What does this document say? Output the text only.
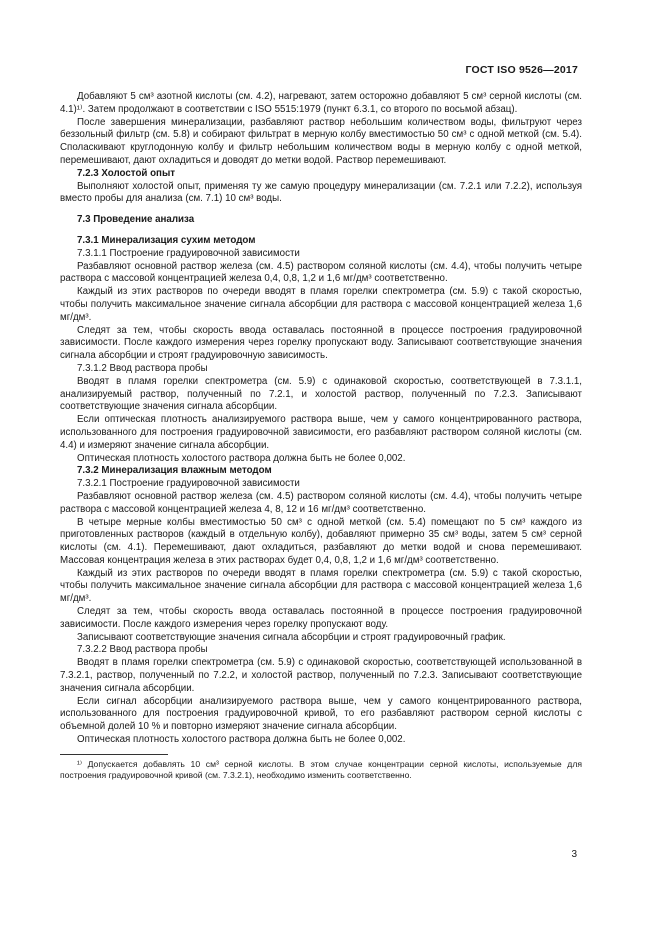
ГОСТ ISO 9526—2017

Добавляют 5 см³ азотной кислоты (см. 4.2), нагревают, затем осторожно добавляют 5 см³ серной кислоты (см. 4.1)¹⁾. Затем продолжают в соответствии с ISO 5515:1979 (пункт 6.3.1, со второго по восьмой абзац).

После завершения минерализации, разбавляют раствор небольшим количеством воды, фильтруют через беззольный фильтр (см. 5.8) и собирают фильтрат в мерную колбу вместимостью 50 см³ с одной меткой (см. 5.4). Споласкивают круглодонную колбу и фильтр небольшим количеством воды в мерную колбу с одной меткой, перемешивают, дают охладиться и доводят до метки водой. Раствор перемешивают.

7.2.3 Холостой опыт

Выполняют холостой опыт, применяя ту же самую процедуру минерализации (см. 7.2.1 или 7.2.2), используя вместо пробы для анализа (см. 7.1) 10 см³ воды.

7.3 Проведение анализа

7.3.1 Минерализация сухим методом

7.3.1.1 Построение градуировочной зависимости

Разбавляют основной раствор железа (см. 4.5) раствором соляной кислоты (см. 4.4), чтобы получить четыре раствора с массовой концентрацией железа 0,4, 0,8, 1,2 и 1,6 мг/дм³ соответственно.

Каждый из этих растворов по очереди вводят в пламя горелки спектрометра (см. 5.9) с такой скоростью, чтобы получить максимальное значение сигнала абсорбции для раствора с массовой концентрацией железа 1,6 мг/дм³.

Следят за тем, чтобы скорость ввода оставалась постоянной в процессе построения градуировочной зависимости. После каждого измерения через горелку пропускают воду. Записывают соответствующие значения сигнала абсорбции и строят градуировочную зависимость.

7.3.1.2 Ввод раствора пробы

Вводят в пламя горелки спектрометра (см. 5.9) с одинаковой скоростью, соответствующей в 7.3.1.1, анализируемый раствор, полученный по 7.2.1, и холостой раствор, полученный по 7.2.3. Записывают соответствующие значения сигнала абсорбции.

Если оптическая плотность анализируемого раствора выше, чем у самого концентрированного раствора, использованного для построения градуировочной зависимости, его разбавляют раствором соляной кислоты (см. 4.4) и измеряют значение сигнала абсорбции.

Оптическая плотность холостого раствора должна быть не более 0,002.

7.3.2 Минерализация влажным методом

7.3.2.1 Построение градуировочной зависимости

Разбавляют основной раствор железа (см. 4.5) раствором соляной кислоты (см. 4.4), чтобы получить четыре раствора с массовой концентрацией железа 4, 8, 12 и 16 мг/дм³ соответственно.

В четыре мерные колбы вместимостью 50 см³ с одной меткой (см. 5.4) помещают по 5 см³ каждого из приготовленных растворов (каждый в отдельную колбу), добавляют примерно 35 см³ воды, затем 5 см³ серной кислоты (см. 4.1). Перемешивают, дают охладиться, разбавляют до метки водой и снова перемешивают. Массовая концентрация железа в этих растворах будет 0,4, 0,8, 1,2 и 1,6 мг/дм³ соответственно.

Каждый из этих растворов по очереди вводят в пламя горелки спектрометра (см. 5.9) с такой скоростью, чтобы получить максимальное значение сигнала абсорбции для раствора с массовой концентрацией железа 1,6 мг/дм³.

Следят за тем, чтобы скорость ввода оставалась постоянной в процессе построения градуировочной зависимости. После каждого измерения через горелку пропускают воду.

Записывают соответствующие значения сигнала абсорбции и строят градуировочный график.

7.3.2.2 Ввод раствора пробы

Вводят в пламя горелки спектрометра (см. 5.9) с одинаковой скоростью, соответствующей использованной в 7.3.2.1, раствор, полученный по 7.2.2, и холостой раствор, полученный по 7.2.3. Записывают соответствующие значения сигнала абсорбции.

Если сигнал абсорбции анализируемого раствора выше, чем у самого концентрированного раствора, использованного для построения градуировочной кривой, то его разбавляют раствором серной кислоты с объемной долей 10 % и повторно измеряют значение сигнала абсорбции.

Оптическая плотность холостого раствора должна быть не более 0,002.

¹⁾ Допускается добавлять 10 см³ серной кислоты. В этом случае концентрации серной кислоты, используемые для построения градуировочной кривой (см. 7.3.2.1), необходимо изменить соответственно.

3
